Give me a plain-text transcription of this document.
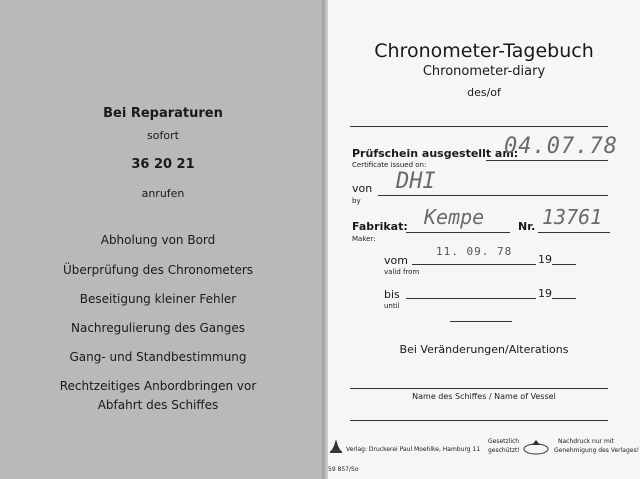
Bei Reparaturen
sofort
36 20 21
anrufen
Abholung von Bord
Überprüfung des Chronometers
Beseitigung kleiner Fehler
Nachregulierung des Ganges
Gang- und Standbestimmung
Rechtzeitiges Anbordbringen vor
Abfahrt des Schiffes
Chronometer-Tagebuch
Chronometer-diary
des/of
Prüfschein ausgestellt am:
Certificate issued on:
04.07.78
von
by
DHI
Fabrikat:
Maker:
Kempe	Nr. 13761
vom
valid from
11. 09. 78
19
bis
until
19
Bei Veränderungen/Alterations
Name des Schiffes / Name of Vessel
Verlag: Druckerei Paul Moehlke, Hamburg 11
Gesetzlich
geschützt!
Nachdruck nur mit
Genehmigung des Verlages!
59 857/So
